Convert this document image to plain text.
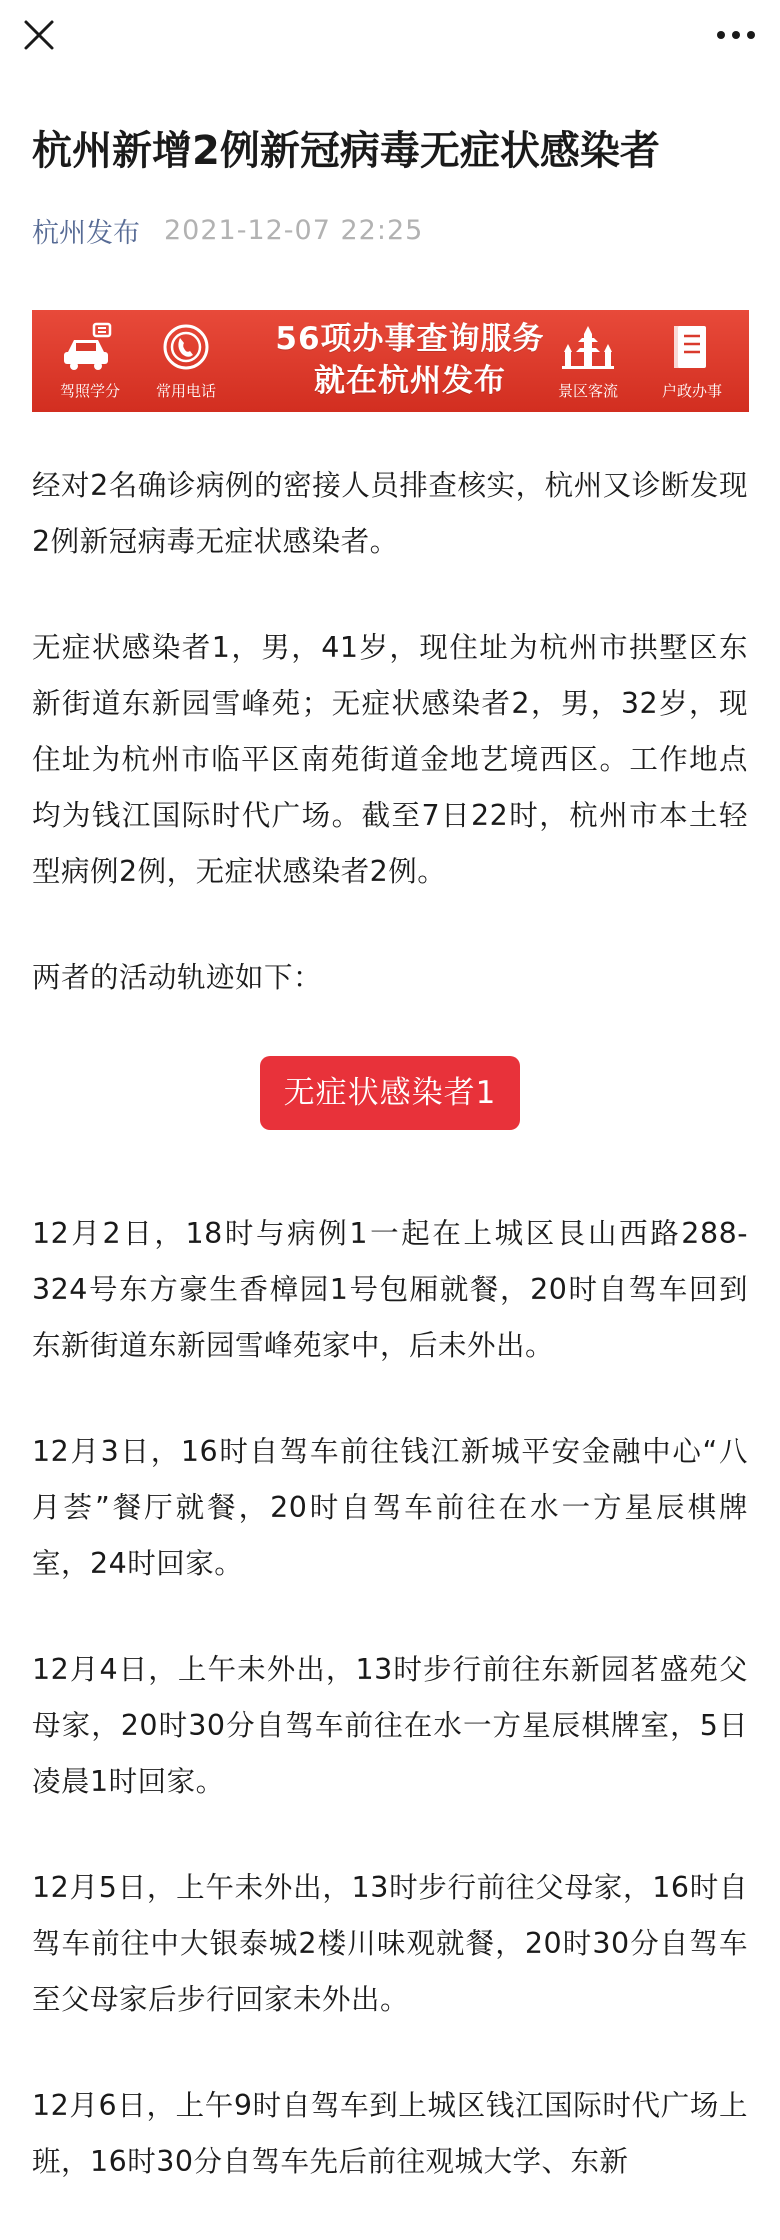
杭州新增2例新冠病毒无症状感染者
杭州发布 2021-12-07 22:25
驾照学分	常用电话
56项办事查询服务
就在杭州发布	景区客流	户政办事

经对2名确诊病例的密接人员排查核实，杭州又诊断发现2例新冠病毒无症状感染者。

无症状感染者1，男，41岁，现住址为杭州市拱墅区东新街道东新园雪峰苑；无症状感染者2，男，32岁，现住址为杭州市临平区南苑街道金地艺境西区。工作地点均为钱江国际时代广场。截至7日22时，杭州市本土轻型病例2例，无症状感染者2例。

两者的活动轨迹如下：

无症状感染者1

12月2日，18时与病例1一起在上城区艮山西路288-324号东方豪生香樟园1号包厢就餐，20时自驾车回到东新街道东新园雪峰苑家中，后未外出。

12月3日，16时自驾车前往钱江新城平安金融中心“八月荟”餐厅就餐，20时自驾车前往在水一方星辰棋牌室，24时回家。

12月4日，上午未外出，13时步行前往东新园茗盛苑父母家，20时30分自驾车前往在水一方星辰棋牌室，5日凌晨1时回家。

12月5日，上午未外出，13时步行前往父母家，16时自驾车前往中大银泰城2楼川味观就餐，20时30分自驾车至父母家后步行回家未外出。

12月6日，上午9时自驾车到上城区钱江国际时代广场上班，16时30分自驾车先后前往观城大学、东新
